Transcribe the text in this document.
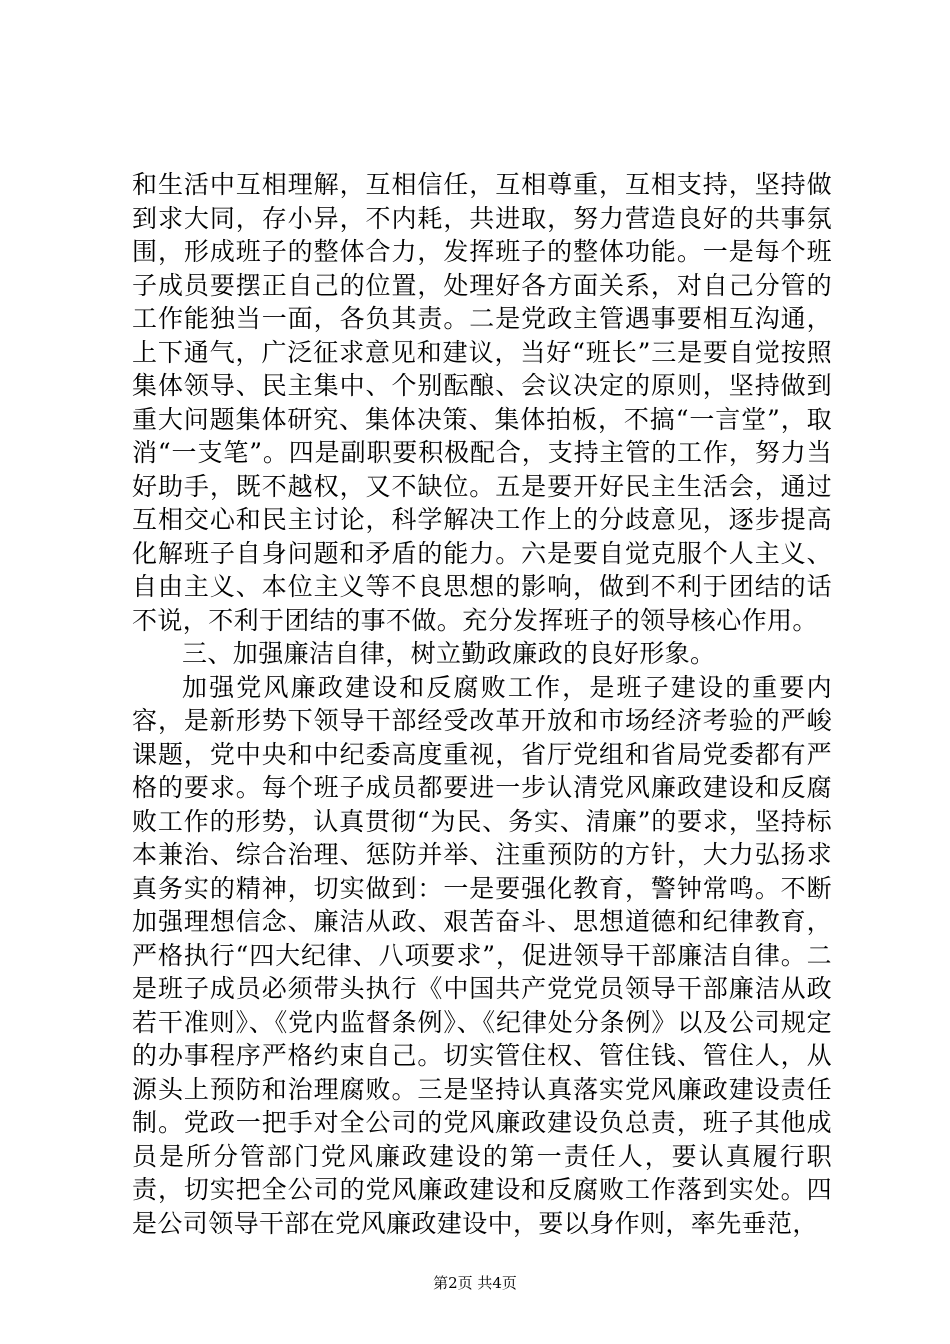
和生活中互相理解，互相信任，互相尊重，互相支持，坚持做到求大同，存小异，不内耗，共进取，努力营造良好的共事氛围，形成班子的整体合力，发挥班子的整体功能。一是每个班子成员要摆正自己的位置，处理好各方面关系，对自己分管的工作能独当一面，各负其责。二是党政主管遇事要相互沟通，上下通气，广泛征求意见和建议，当好“班长”三是要自觉按照集体领导、民主集中、个别酝酿、会议决定的原则，坚持做到重大问题集体研究、集体决策、集体拍板，不搞“一言堂”，取消“一支笔”。四是副职要积极配合，支持主管的工作，努力当好助手，既不越权，又不缺位。五是要开好民主生活会，通过互相交心和民主讨论，科学解决工作上的分歧意见，逐步提高化解班子自身问题和矛盾的能力。六是要自觉克服个人主义、自由主义、本位主义等不良思想的影响，做到不利于团结的话不说，不利于团结的事不做。充分发挥班子的领导核心作用。

三、加强廉洁自律，树立勤政廉政的良好形象。

加强党风廉政建设和反腐败工作，是班子建设的重要内容，是新形势下领导干部经受改革开放和市场经济考验的严峻课题，党中央和中纪委高度重视，省厅党组和省局党委都有严格的要求。每个班子成员都要进一步认清党风廉政建设和反腐败工作的形势，认真贯彻“为民、务实、清廉”的要求，坚持标本兼治、综合治理、惩防并举、注重预防的方针，大力弘扬求真务实的精神，切实做到：一是要强化教育，警钟常鸣。不断加强理想信念、廉洁从政、艰苦奋斗、思想道德和纪律教育，严格执行“四大纪律、八项要求”，促进领导干部廉洁自律。二是班子成员必须带头执行《中国共产党党员领导干部廉洁从政若干准则》、《党内监督条例》、《纪律处分条例》以及公司规定的办事程序严格约束自己。切实管住权、管住钱、管住人，从源头上预防和治理腐败。三是坚持认真落实党风廉政建设责任制。党政一把手对全公司的党风廉政建设负总责，班子其他成员是所分管部门党风廉政建设的第一责任人，要认真履行职责，切实把全公司的党风廉政建设和反腐败工作落到实处。四是公司领导干部在党风廉政建设中，要以身作则，率先垂范，

第2页 共4页
